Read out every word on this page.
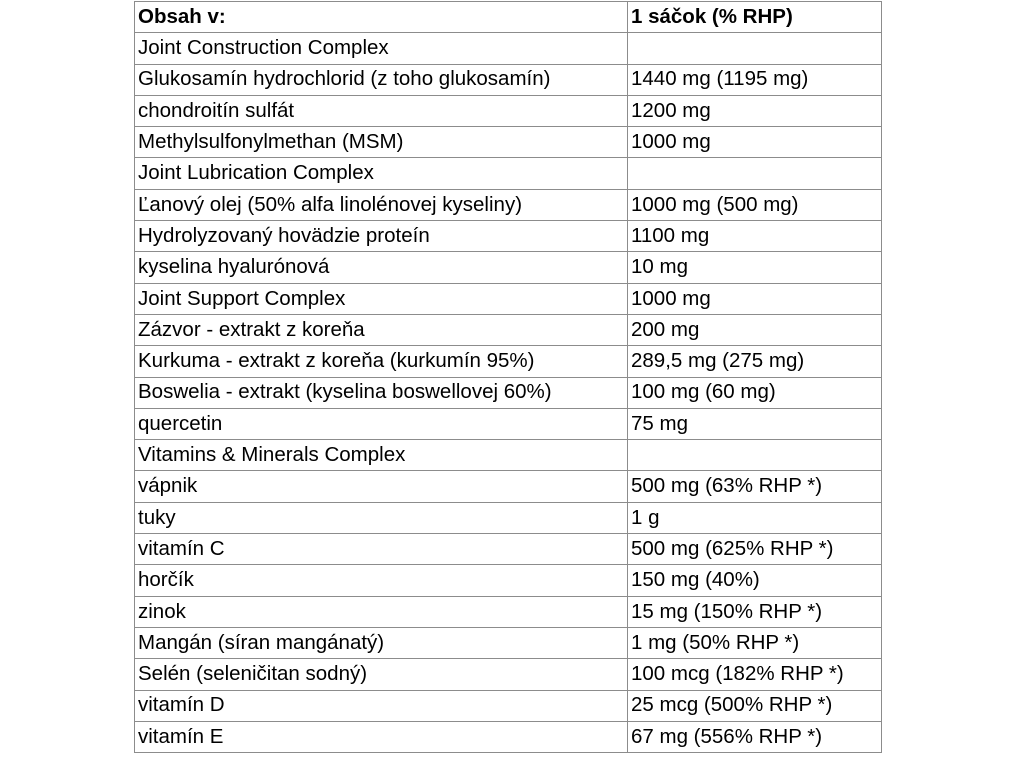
Obsah v:	1 sáčok (% RHP)
Joint Construction Complex	
Glukosamín hydrochlorid (z toho glukosamín)	1440 mg (1195 mg)
chondroitín sulfát	1200 mg
Methylsulfonylmethan (MSM)	1000 mg
Joint Lubrication Complex	
Ľanový olej (50% alfa linolénovej kyseliny)	1000 mg (500 mg)
Hydrolyzovaný hovädzie proteín	1100 mg
kyselina hyalurónová	10 mg
Joint Support Complex	1000 mg
Zázvor - extrakt z koreňa	200 mg
Kurkuma - extrakt z koreňa (kurkumín 95%)	289,5 mg (275 mg)
Boswelia - extrakt (kyselina boswellovej 60%)	100 mg (60 mg)
quercetin	75 mg
Vitamins & Minerals Complex	
vápnik	500 mg (63% RHP *)
tuky	1 g
vitamín C	500 mg (625% RHP *)
horčík	150 mg (40%)
zinok	15 mg (150% RHP *)
Mangán (síran mangánatý)	1 mg (50% RHP *)
Selén (seleničitan sodný)	100 mcg (182% RHP *)
vitamín D	25 mcg (500% RHP *)
vitamín E	67 mg (556% RHP *)
